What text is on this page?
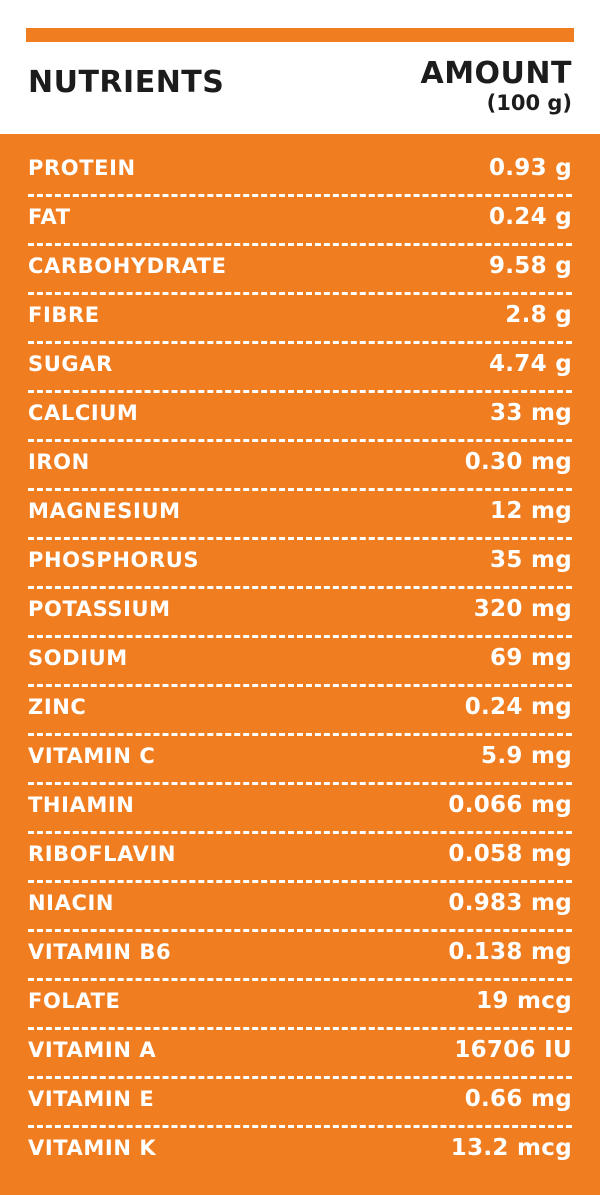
NUTRIENTS	AMOUNT
(100 g)
PROTEIN	0.93 g
FAT	0.24 g
CARBOHYDRATE	9.58 g
FIBRE	2.8 g
SUGAR	4.74 g
CALCIUM	33 mg
IRON	0.30 mg
MAGNESIUM	12 mg
PHOSPHORUS	35 mg
POTASSIUM	320 mg
SODIUM	69 mg
ZINC	0.24 mg
VITAMIN C	5.9 mg
THIAMIN	0.066 mg
RIBOFLAVIN	0.058 mg
NIACIN	0.983 mg
VITAMIN B6	0.138 mg
FOLATE	19 mcg
VITAMIN A	16706 IU
VITAMIN E	0.66 mg
VITAMIN K	13.2 mcg
